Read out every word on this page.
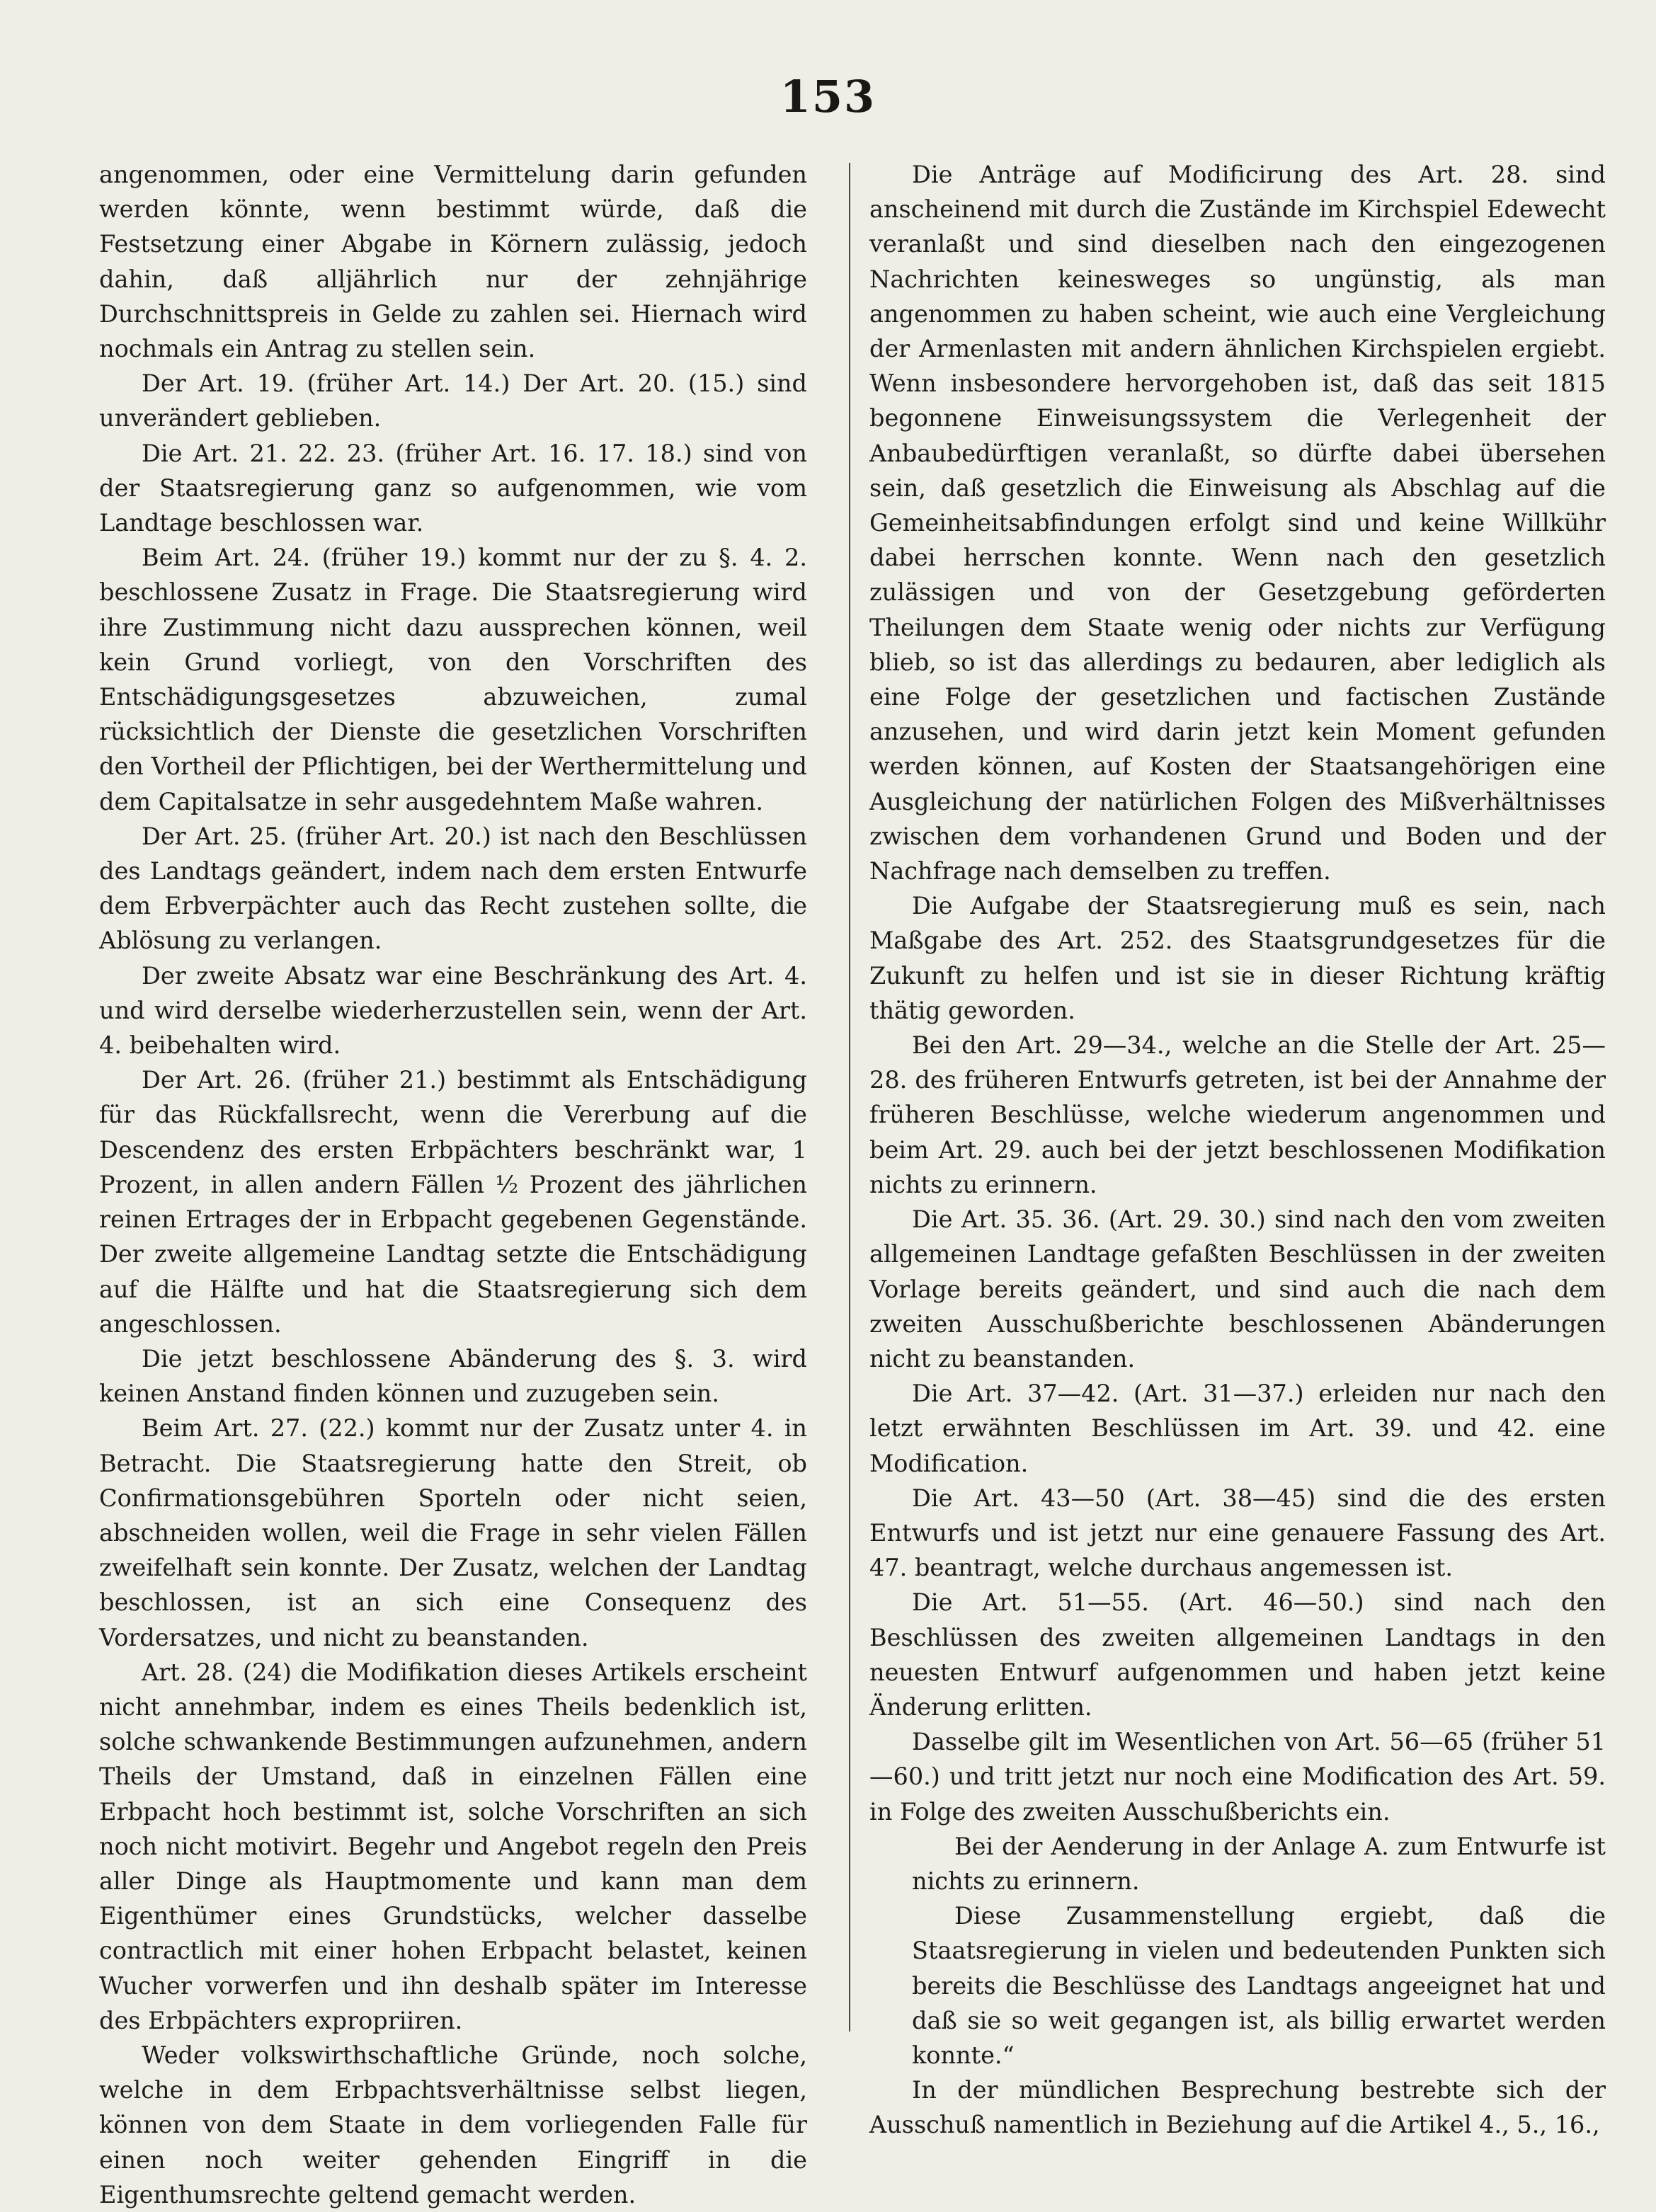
153

angenommen, oder eine Vermittelung darin gefunden werden könnte, wenn bestimmt würde, daß die Festsetzung einer Abgabe in Körnern zulässig, jedoch dahin, daß alljährlich nur der zehnjährige Durchschnittspreis in Gelde zu zahlen sei. Hiernach wird nochmals ein Antrag zu stellen sein.

Der Art. 19. (früher Art. 14.) Der Art. 20. (15.) sind unverändert geblieben.

Die Art. 21. 22. 23. (früher Art. 16. 17. 18.) sind von der Staatsregierung ganz so aufgenommen, wie vom Landtage beschlossen war.

Beim Art. 24. (früher 19.) kommt nur der zu §. 4. 2. beschlossene Zusatz in Frage. Die Staatsregierung wird ihre Zustimmung nicht dazu aussprechen können, weil kein Grund vorliegt, von den Vorschriften des Entschädigungsgesetzes abzuweichen, zumal rücksichtlich der Dienste die gesetzlichen Vorschriften den Vortheil der Pflichtigen, bei der Werthermittelung und dem Capitalsatze in sehr ausgedehntem Maße wahren.

Der Art. 25. (früher Art. 20.) ist nach den Beschlüssen des Landtags geändert, indem nach dem ersten Entwurfe dem Erbverpächter auch das Recht zustehen sollte, die Ablösung zu verlangen.

Der zweite Absatz war eine Beschränkung des Art. 4. und wird derselbe wiederherzustellen sein, wenn der Art. 4. beibehalten wird.

Der Art. 26. (früher 21.) bestimmt als Entschädigung für das Rückfallsrecht, wenn die Vererbung auf die Descendenz des ersten Erbpächters beschränkt war, 1 Prozent, in allen andern Fällen ½ Prozent des jährlichen reinen Ertrages der in Erbpacht gegebenen Gegenstände. Der zweite allgemeine Landtag setzte die Entschädigung auf die Hälfte und hat die Staatsregierung sich dem angeschlossen.

Die jetzt beschlossene Abänderung des §. 3. wird keinen Anstand finden können und zuzugeben sein.

Beim Art. 27. (22.) kommt nur der Zusatz unter 4. in Betracht. Die Staatsregierung hatte den Streit, ob Confirmationsgebühren Sporteln oder nicht seien, abschneiden wollen, weil die Frage in sehr vielen Fällen zweifelhaft sein konnte. Der Zusatz, welchen der Landtag beschlossen, ist an sich eine Consequenz des Vordersatzes, und nicht zu beanstanden.

Art. 28. (24) die Modifikation dieses Artikels erscheint nicht annehmbar, indem es eines Theils bedenklich ist, solche schwankende Bestimmungen aufzunehmen, andern Theils der Umstand, daß in einzelnen Fällen eine Erbpacht hoch bestimmt ist, solche Vorschriften an sich noch nicht motivirt. Begehr und Angebot regeln den Preis aller Dinge als Hauptmomente und kann man dem Eigenthümer eines Grundstücks, welcher dasselbe contractlich mit einer hohen Erbpacht belastet, keinen Wucher vorwerfen und ihn deshalb später im Interesse des Erbpächters expropriiren.

Weder volkswirthschaftliche Gründe, noch solche, welche in dem Erbpachtsverhältnisse selbst liegen, können von dem Staate in dem vorliegenden Falle für einen noch weiter gehenden Eingriff in die Eigenthumsrechte geltend gemacht werden.

Die Anträge auf Modificirung des Art. 28. sind anscheinend mit durch die Zustände im Kirchspiel Edewecht veranlaßt und sind dieselben nach den eingezogenen Nachrichten keinesweges so ungünstig, als man angenommen zu haben scheint, wie auch eine Vergleichung der Armenlasten mit andern ähnlichen Kirchspielen ergiebt. Wenn insbesondere hervorgehoben ist, daß das seit 1815 begonnene Einweisungssystem die Verlegenheit der Anbaubedürftigen veranlaßt, so dürfte dabei übersehen sein, daß gesetzlich die Einweisung als Abschlag auf die Gemeinheitsabfindungen erfolgt sind und keine Willkühr dabei herrschen konnte. Wenn nach den gesetzlich zulässigen und von der Gesetzgebung geförderten Theilungen dem Staate wenig oder nichts zur Verfügung blieb, so ist das allerdings zu bedauren, aber lediglich als eine Folge der gesetzlichen und factischen Zustände anzusehen, und wird darin jetzt kein Moment gefunden werden können, auf Kosten der Staatsangehörigen eine Ausgleichung der natürlichen Folgen des Mißverhältnisses zwischen dem vorhandenen Grund und Boden und der Nachfrage nach demselben zu treffen.

Die Aufgabe der Staatsregierung muß es sein, nach Maßgabe des Art. 252. des Staatsgrundgesetzes für die Zukunft zu helfen und ist sie in dieser Richtung kräftig thätig geworden.

Bei den Art. 29—34., welche an die Stelle der Art. 25—28. des früheren Entwurfs getreten, ist bei der Annahme der früheren Beschlüsse, welche wiederum angenommen und beim Art. 29. auch bei der jetzt beschlossenen Modifikation nichts zu erinnern.

Die Art. 35. 36. (Art. 29. 30.) sind nach den vom zweiten allgemeinen Landtage gefaßten Beschlüssen in der zweiten Vorlage bereits geändert, und sind auch die nach dem zweiten Ausschußberichte beschlossenen Abänderungen nicht zu beanstanden.

Die Art. 37—42. (Art. 31—37.) erleiden nur nach den letzt erwähnten Beschlüssen im Art. 39. und 42. eine Modification.

Die Art. 43—50 (Art. 38—45) sind die des ersten Entwurfs und ist jetzt nur eine genauere Fassung des Art. 47. beantragt, welche durchaus angemessen ist.

Die Art. 51—55. (Art. 46—50.) sind nach den Beschlüssen des zweiten allgemeinen Landtags in den neuesten Entwurf aufgenommen und haben jetzt keine Änderung erlitten.

Dasselbe gilt im Wesentlichen von Art. 56—65 (früher 51—60.) und tritt jetzt nur noch eine Modification des Art. 59. in Folge des zweiten Ausschußberichts ein.

Bei der Aenderung in der Anlage A. zum Entwurfe ist nichts zu erinnern.

Diese Zusammenstellung ergiebt, daß die Staatsregierung in vielen und bedeutenden Punkten sich bereits die Beschlüsse des Landtags angeeignet hat und daß sie so weit gegangen ist, als billig erwartet werden konnte.“

In der mündlichen Besprechung bestrebte sich der Ausschuß namentlich in Beziehung auf die Artikel 4., 5., 16.,
